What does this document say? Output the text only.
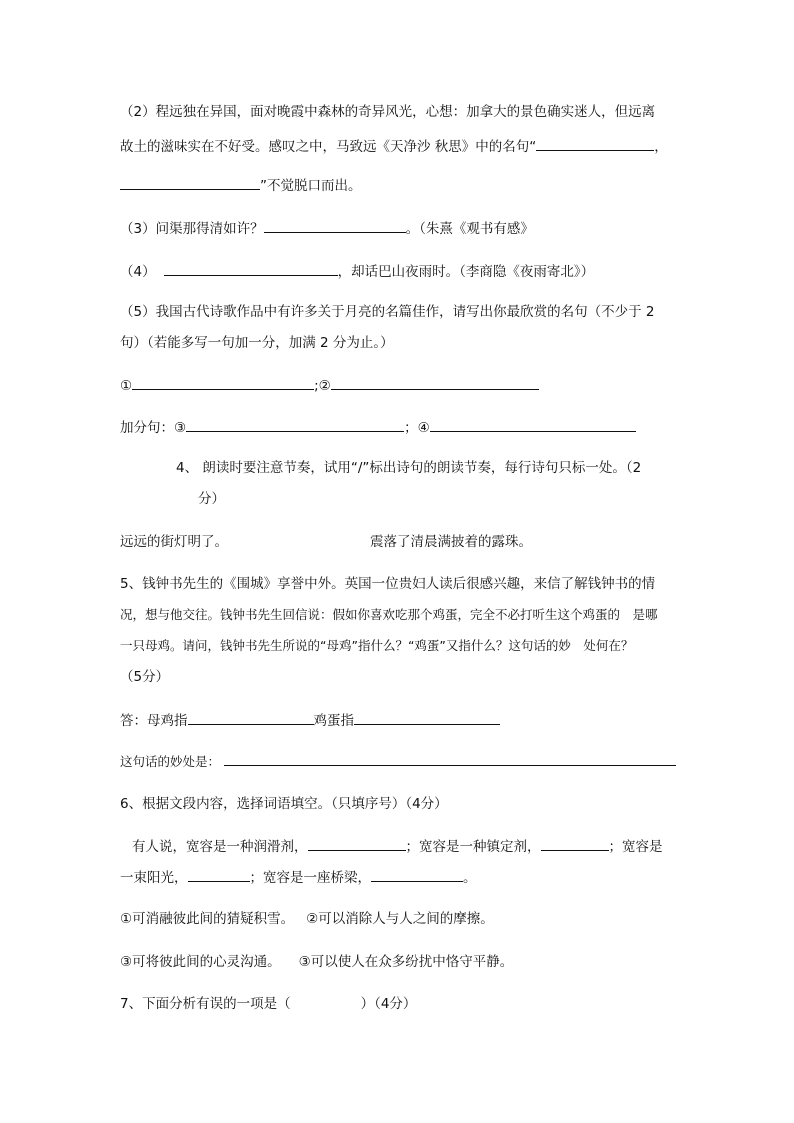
（2）程远独在异国，面对晚霞中森林的奇异风光，心想：加拿大的景色确实迷人，但远离
故土的滋味实在不好受。感叹之中，马致远《天净沙 秋思》中的名句“	，
”不觉脱口而出。
（3）问渠那得清如许？	。（朱熹《观书有感》
（4）	，却话巴山夜雨时。（李商隐《夜雨寄北》）
（5）我国古代诗歌作品中有许多关于月亮的名篇佳作，请写出你最欣赏的名句（不少于 2
句）（若能多写一句加一分，加满 2 分为止。）
①	;②
加分句：③	；④
4、 朗读时要注意节奏，试用“/”标出诗句的朗读节奏，每行诗句只标一处。（2
分）
远远的街灯明了。	震落了清晨满披着的露珠。
5、钱钟书先生的《围城》享誉中外。英国一位贵妇人读后很感兴趣，来信了解钱钟书的情
况，想与他交往。钱钟书先生回信说：假如你喜欢吃那个鸡蛋，完全不必打听生这个鸡蛋的　是哪
一只母鸡。请问，钱钟书先生所说的“母鸡”指什么？“鸡蛋”又指什么？这句话的妙　处何在？
（5分）
答：母鸡指	鸡蛋指
这句话的妙处是：
6、根据文段内容，选择词语填空。（只填序号）（4分）
有人说，宽容是一种润滑剂，	；宽容是一种镇定剂，	；宽容是
一束阳光，	；宽容是一座桥梁，	。
①可消融彼此间的猜疑积雪。 ②可以消除人与人之间的摩擦。
③可将彼此间的心灵沟通。 ③可以使人在众多纷扰中恪守平静。
7、下面分析有误的一项是（	）（4分）
